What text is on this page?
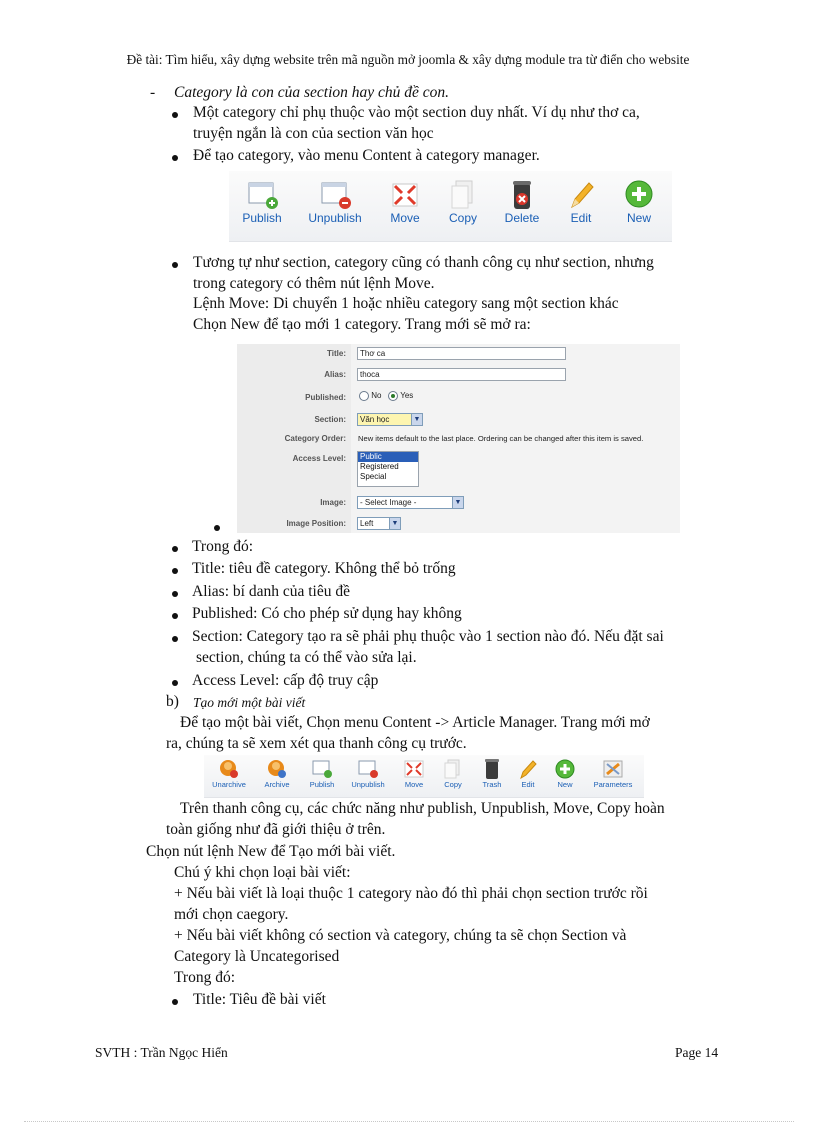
Đề tài: Tìm hiểu, xây dựng website trên mã nguồn mở joomla & xây dựng module tra từ điển cho website
- Category là con của section hay chủ đề con.
Một category chỉ phụ thuộc vào một section duy nhất. Ví dụ như thơ ca,
truyện ngắn là con của section văn học
Để tạo category, vào menu Content à category manager.
Publish	Unpublish	Move	Copy	Delete	Edit	New
Tương tự như section, category cũng có thanh công cụ như section, nhưng
trong category có thêm nút lệnh Move.
Lệnh Move: Di chuyển 1 hoặc nhiều category sang một section khác
Chọn New để tạo mới 1 category. Trang mới sẽ mở ra:
Title:	Thơ ca
Alias:	thoca
Published:	No Yes
Section:	Văn học	▼
Category Order: New items default to the last place. Ordering can be changed after this item is saved.
Access Level: Public
Registered
Special
Image:	- Select Image -	▼
Image Position:	Left	▼
Trong đó:
Title: tiêu đề category. Không thể bỏ trống
Alias: bí danh của tiêu đề
Published: Có cho phép sử dụng hay không
Section: Category tạo ra sẽ phải phụ thuộc vào 1 section nào đó. Nếu đặt sai
section, chúng ta có thể vào sửa lại.
Access Level: cấp độ truy cập
b) Tạo mới một bài viết
Để tạo một bài viết, Chọn menu Content -> Article Manager. Trang mới mở
ra, chúng ta sẽ xem xét qua thanh công cụ trước.
Unarchive	Archive	Publish	Unpublish	Move	Copy	Trash	Edit	New	Parameters
Trên thanh công cụ, các chức năng như publish, Unpublish, Move, Copy hoàn
toàn giống như đã giới thiệu ở trên.
Chọn nút lệnh New để Tạo mới bài viết.
Chú ý khi chọn loại bài viết:
+ Nếu bài viết là loại thuộc 1 category nào đó thì phải chọn section trước rồi
mới chọn caegory.
+ Nếu bài viết không có section và category, chúng ta sẽ chọn Section và
Category là Uncategorised
Trong đó:
Title: Tiêu đề bài viết
SVTH : Trần Ngọc Hiển	Page 14
